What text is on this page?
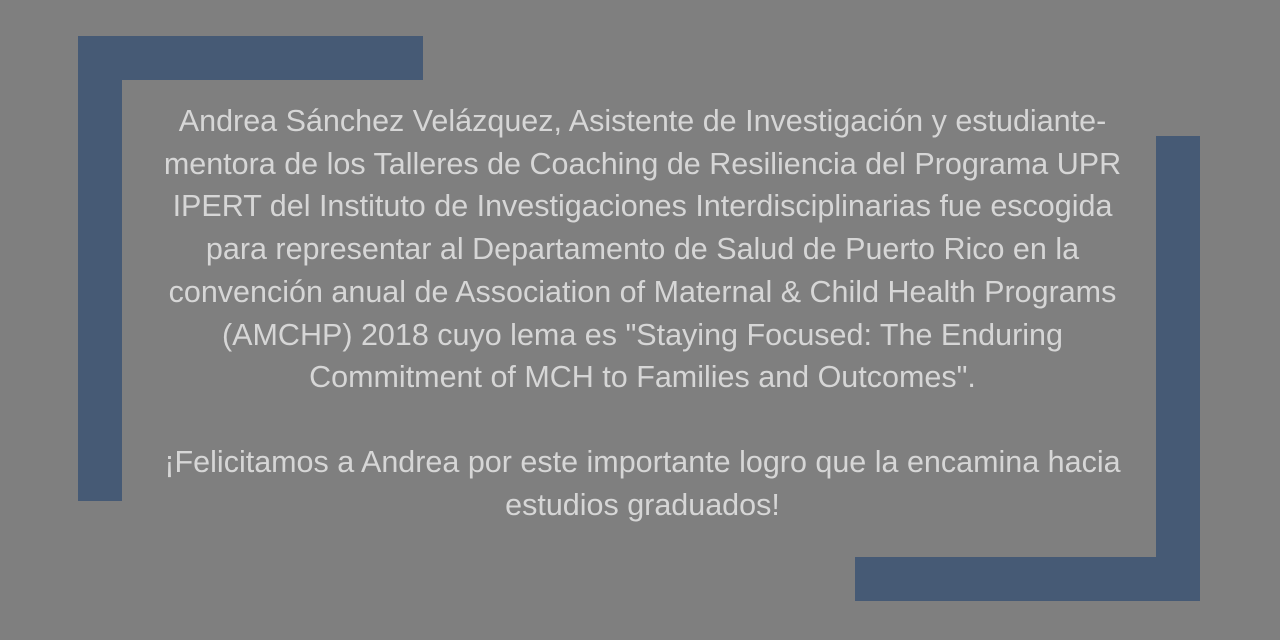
Andrea Sánchez Velázquez, Asistente de Investigación y estudiante-mentora de los Talleres de Coaching de Resiliencia del Programa UPR IPERT del Instituto de Investigaciones Interdisciplinarias fue escogida para representar al Departamento de Salud de Puerto Rico en la convención anual de Association of Maternal & Child Health Programs (AMCHP) 2018 cuyo lema es "Staying Focused: The Enduring Commitment of MCH to Families and Outcomes".

¡Felicitamos a Andrea por este importante logro que la encamina hacia estudios graduados!
